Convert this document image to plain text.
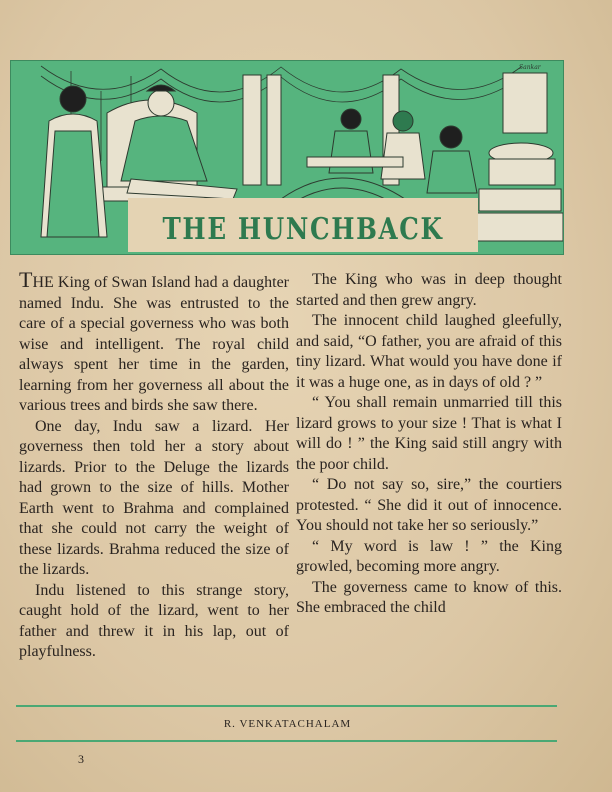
Sankar
THE HUNCHBACK

THE King of Swan Island had a daughter named Indu. She was entrusted to the care of a special governess who was both wise and intelligent. The royal child always spent her time in the garden, learning from her governess all about the various trees and birds she saw there.

One day, Indu saw a lizard. Her governess then told her a story about lizards. Prior to the Deluge the lizards had grown to the size of hills. Mother Earth went to Brahma and complained that she could not carry the weight of these lizards. Brahma reduced the size of the lizards.

Indu listened to this strange story, caught hold of the lizard, went to her father and threw it in his lap, out of playfulness.

The King who was in deep thought started and then grew angry.

The innocent child laughed gleefully, and said, “O father, you are afraid of this tiny lizard. What would you have done if it was a huge one, as in days of old ? ”

“ You shall remain unmarried till this lizard grows to your size ! That is what I will do ! ” the King said still angry with the poor child.

“ Do not say so, sire,” the courtiers protested. “ She did it out of innocence. You should not take her so seriously.”

“ My word is law ! ” the King growled, becoming more angry.

The governess came to know of this. She embraced the child

R. VENKATACHALAM
3
